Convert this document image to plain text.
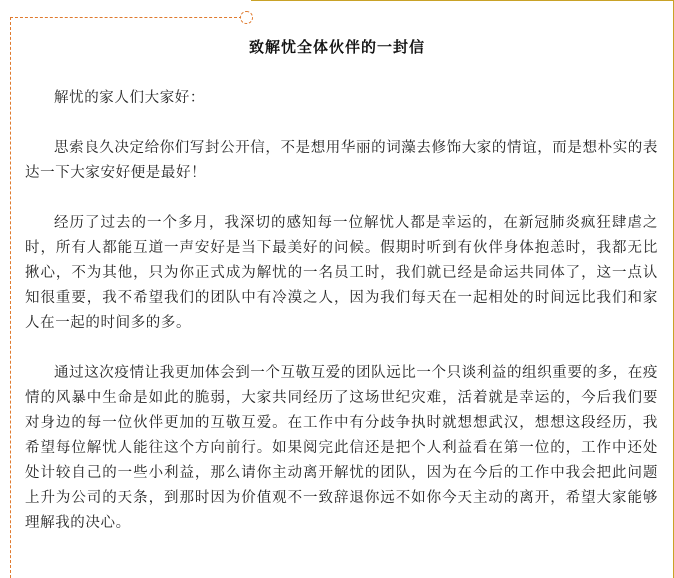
致解忧全体伙伴的一封信

解忧的家人们大家好：

思索良久决定给你们写封公开信，不是想用华丽的词藻去修饰大家的情谊，而是想朴实的表达一下大家安好便是最好！

经历了过去的一个多月，我深切的感知每一位解忧人都是幸运的，在新冠肺炎疯狂肆虐之时，所有人都能互道一声安好是当下最美好的问候。假期时听到有伙伴身体抱恙时，我都无比揪心，不为其他，只为你正式成为解忧的一名员工时，我们就已经是命运共同体了，这一点认知很重要，我不希望我们的团队中有冷漠之人，因为我们每天在一起相处的时间远比我们和家人在一起的时间多的多。

通过这次疫情让我更加体会到一个互敬互爱的团队远比一个只谈利益的组织重要的多，在疫情的风暴中生命是如此的脆弱，大家共同经历了这场世纪灾难，活着就是幸运的，今后我们要对身边的每一位伙伴更加的互敬互爱。在工作中有分歧争执时就想想武汉，想想这段经历，我希望每位解忧人能往这个方向前行。如果阅完此信还是把个人利益看在第一位的，工作中还处处计较自己的一些小利益，那么请你主动离开解忧的团队，因为在今后的工作中我会把此问题上升为公司的天条，到那时因为价值观不一致辞退你远不如你今天主动的离开，希望大家能够理解我的决心。
